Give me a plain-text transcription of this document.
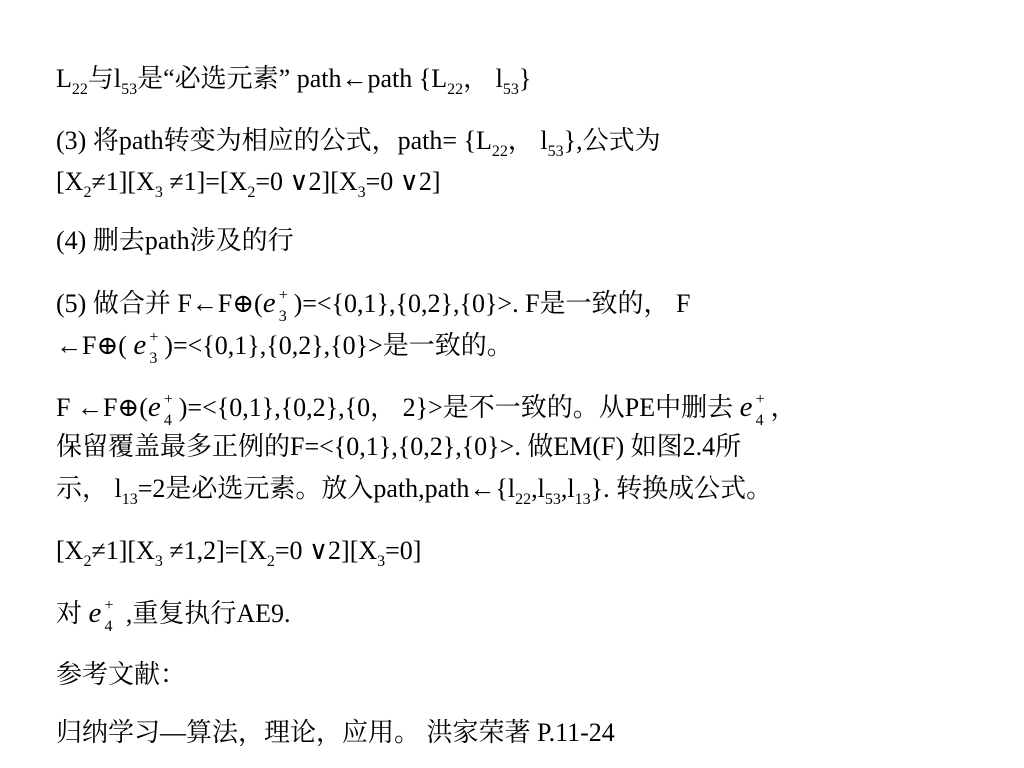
$L_{22}$与$l_{53}$是“必选元素” path←path {$L_{22}$， $l_{53}$}
(3) 将path转变为相应的公式，path= {$L_{22}$， $l_{53}$},公式为
$[X_2\ne 1][X_3 \ne 1]=[X_2=0$ $\vee 2][X_3=0$ ∨2]
(4) 删去path涉及的行
(5) 做合并 F←F⊕(e +
3 )=<{0,1},{0,2},{0}>. F是一致的， F
←F⊕( e +
3 )=<{0,1},{0,2},{0}>是一致的。
F ←F⊕(e +
4 )=<{0,1},{0,2},{0， 2}>是不一致的。从PE中删去 e +
4 ，
保留覆盖最多正例的F=<{0,1},{0,2},{0}>. 做EM(F) 如图2.4所
示， $l_{13}=2$是必选元素。放入$path,path\leftarrow\{l_{22},l_{53},l_{13}\}$. 转换成公式。
$[X_2\ne 1][X_3 \ne 1,2]=[X_2=0$ $\vee 2][X_3=0]$
对 e +
4 ,重复执行AE9.
参考文献：
归纳学习—算法，理论，应用。 洪家荣著 P.11-24
